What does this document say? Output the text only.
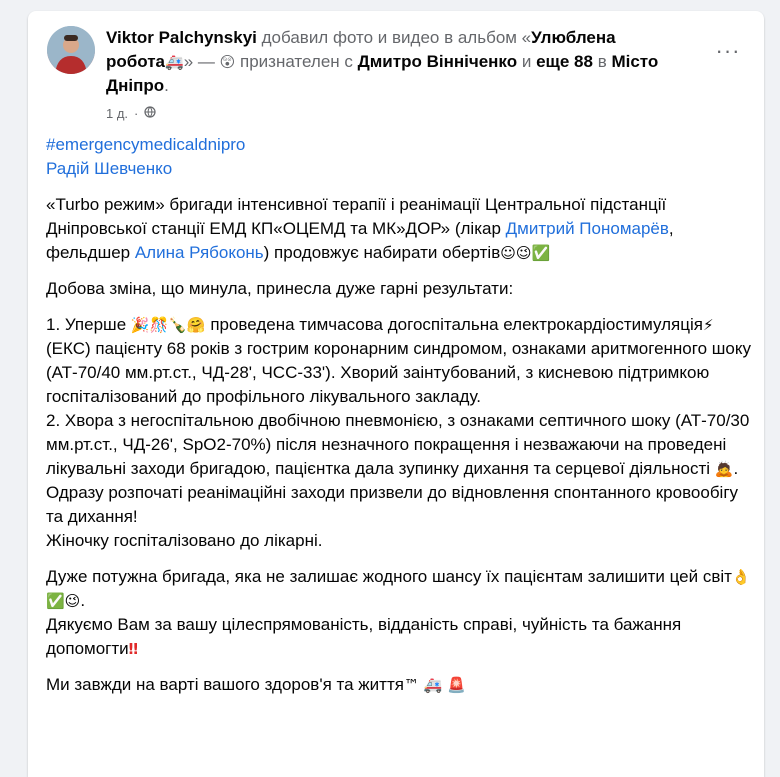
Viktor Palchynskyi добавил фото и видео в альбом «Улюблена робота🚑» — 😲 признателен с Дмитро Вінніченко и еще 88 в Місто Дніпро.
1 д. ·
···

#emergencymedicaldnipro

Радій Шевченко

«Turbo режим» бригади інтенсивної терапії і реанімації Центральної підстанції Дніпровської станції ЕМД КП«ОЦЕМД та МК»ДОР» (лікар Дмитрий Пономарёв, фельдшер Алина Рябоконь) продовжує набирати обертів☺😉✅

Добова зміна, що минула, принесла дуже гарні результати:

1. Уперше 🎉🎊🍾🤗 проведена тимчасова догоспітальна електрокардіостимуляція⚡ (ЕКС) пацієнту 68 років з гострим коронарним синдромом, ознаками аритмогенного шоку (АТ-70/40 мм.рт.ст., ЧД-28', ЧСС-33'). Хворий заінтубований, з кисневою підтримкою госпіталізований до профільного лікувального закладу.

2. Хвора з негоспітальною двобічною пневмонією, з ознаками септичного шоку (АТ-70/30 мм.рт.ст., ЧД-26', SpO2-70%) після незначного покращення і незважаючи на проведені лікувальні заходи бригадою, пацієнтка дала зупинку дихання та серцевої діяльності 🙇.

Одразу розпочаті реанімаційні заходи призвели до відновлення спонтанного кровообігу та дихання!

Жіночку госпіталізовано до лікарні.

Дуже потужна бригада, яка не залишає жодного шансу їх пацієнтам залишити цей світ👌✅😉.

Дякуємо Вам за вашу цілеспрямованість, відданість справі, чуйність та бажання допомогти‼

Ми завжди на варті вашого здоров'я та життя™ 🚑 🚨
